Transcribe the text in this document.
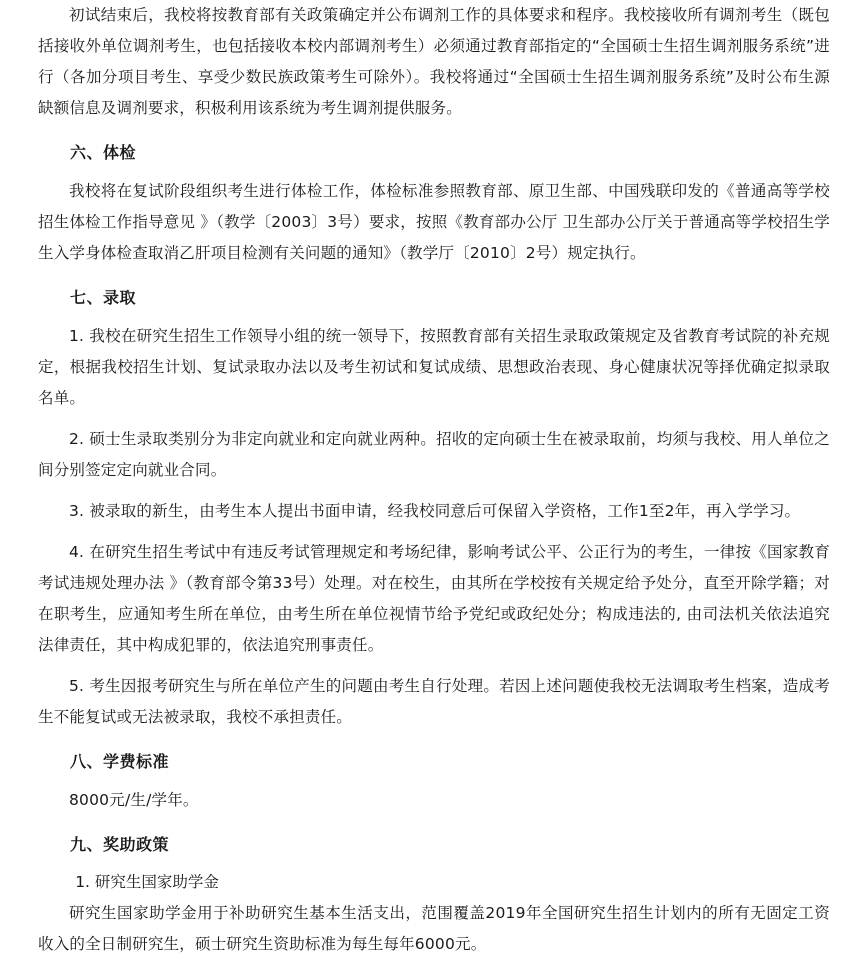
初试结束后，我校将按教育部有关政策确定并公布调剂工作的具体要求和程序。我校接收所有调剂考生（既包括接收外单位调剂考生，也包括接收本校内部调剂考生）必须通过教育部指定的“全国硕士生招生调剂服务系统”进行（各加分项目考生、享受少数民族政策考生可除外）。我校将通过“全国硕士生招生调剂服务系统”及时公布生源缺额信息及调剂要求，积极利用该系统为考生调剂提供服务。
六、体检
我校将在复试阶段组织考生进行体检工作，体检标准参照教育部、原卫生部、中国残联印发的《普通高等学校招生体检工作指导意见 》（教学〔2003〕3号）要求，按照《教育部办公厅 卫生部办公厅关于普通高等学校招生学生入学身体检查取消乙肝项目检测有关问题的通知》（教学厅〔2010〕2号）规定执行。
七、录取
1. 我校在研究生招生工作领导小组的统一领导下，按照教育部有关招生录取政策规定及省教育考试院的补充规定，根据我校招生计划、复试录取办法以及考生初试和复试成绩、思想政治表现、身心健康状况等择优确定拟录取名单。
2. 硕士生录取类别分为非定向就业和定向就业两种。招收的定向硕士生在被录取前，均须与我校、用人单位之间分别签定定向就业合同。
3. 被录取的新生，由考生本人提出书面申请，经我校同意后可保留入学资格，工作1至2年，再入学学习。
4. 在研究生招生考试中有违反考试管理规定和考场纪律，影响考试公平、公正行为的考生，一律按《国家教育考试违规处理办法 》（教育部令第33号）处理。对在校生，由其所在学校按有关规定给予处分，直至开除学籍；对在职考生，应通知考生所在单位，由考生所在单位视情节给予党纪或政纪处分；构成违法的, 由司法机关依法追究法律责任，其中构成犯罪的，依法追究刑事责任。
5. 考生因报考研究生与所在单位产生的问题由考生自行处理。若因上述问题使我校无法调取考生档案，造成考生不能复试或无法被录取，我校不承担责任。
八、学费标准
8000元/生/学年。
九、奖助政策
1. 研究生国家助学金
研究生国家助学金用于补助研究生基本生活支出，范围覆盖2019年全国研究生招生计划内的所有无固定工资收入的全日制研究生，硕士研究生资助标准为每生每年6000元。
